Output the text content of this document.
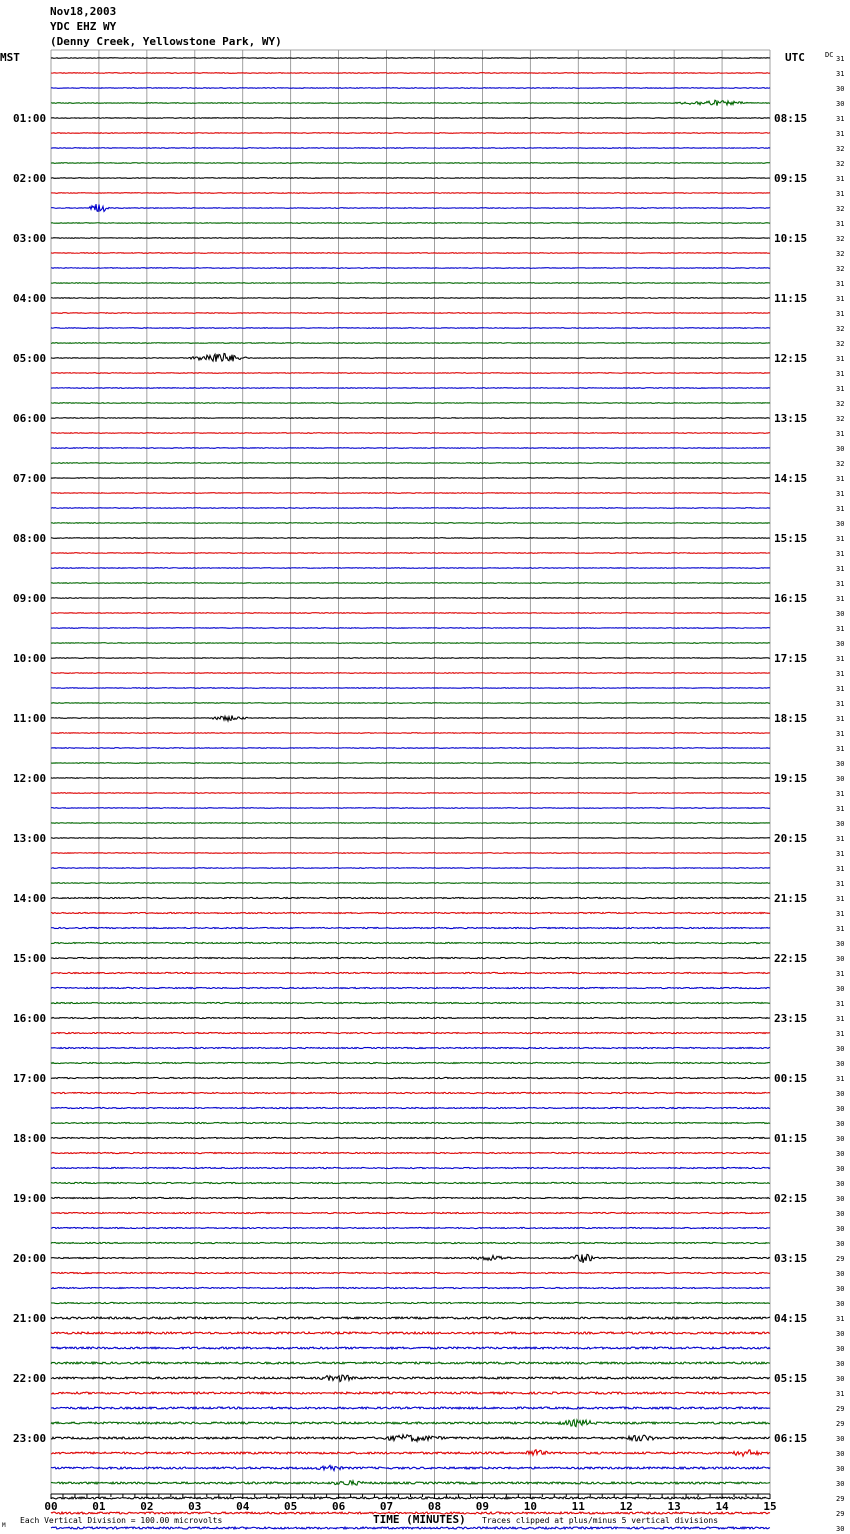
Nov18,2003
YDC EHZ WY
(Denny Creek, Yellowstone Park, WY)
MST	UTC	DC
01:00
02:00
03:00
04:00
05:00
06:00
07:00
08:00
09:00
10:00
11:00
12:00
13:00
14:00
15:00
16:00
17:00
18:00
19:00
20:00
21:00
22:00
23:00
08:15
09:15
10:15
11:15
12:15
13:15
14:15
15:15
16:15
17:15
18:15
19:15
20:15
21:15
22:15
23:15
00:15
01:15
02:15
03:15
04:15
05:15
06:15
31
31
30
30
31
31
32
32
31
31
32
31
32
32
32
31
31
31
32
32
31
31
31
32
32
31
30
32
31
31
31
30
31
31
31
31
31
30
31
30
31
31
31
31
31
31
31
30
30
31
31
30
31
31
31
31
31
31
31
30
30
31
30
31
31
31
30
30
31
30
30
30
30
30
30
30
30
30
30
30
29
30
30
30
31
30
30
30
30
31
29
29
30
30
30
30
29
29
30
00	01	02	03	04	05	06	07	08	09	10	11	12	13	14	15
M
Each Vertical Division = 100.00 microvolts	TIME (MINUTES) Traces clipped at plus/minus 5 vertical divisions
